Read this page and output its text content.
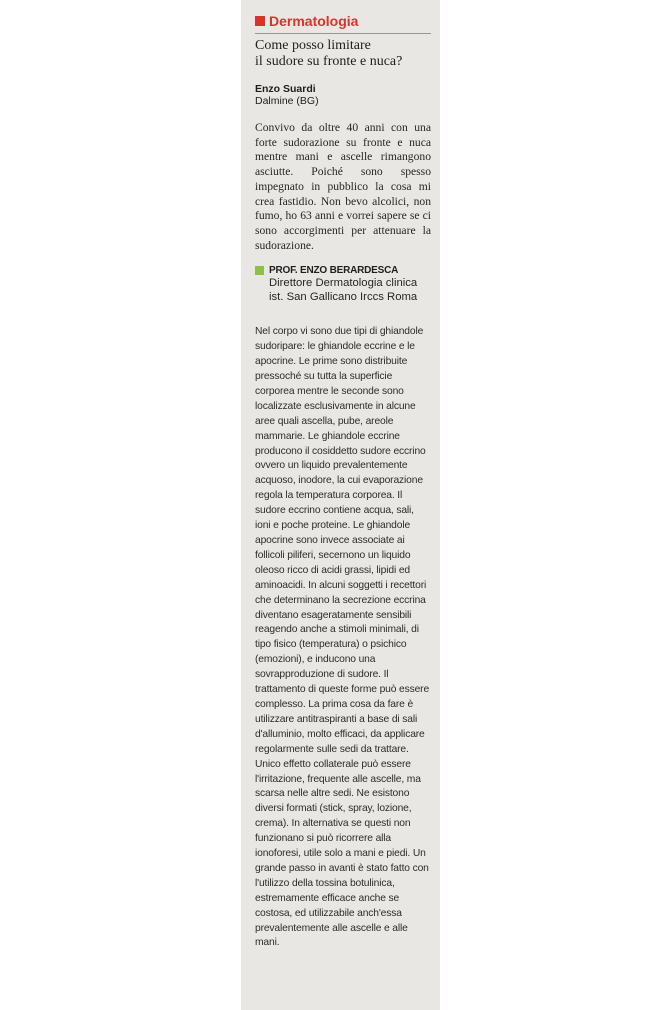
Dermatologia
Come posso limitare
il sudore su fronte e nuca?
Enzo Suardi
Dalmine (BG)

Convivo da oltre 40 anni con una forte sudorazione su fronte e nuca mentre mani e ascelle rimangono asciutte. Poiché sono spesso impegnato in pubblico la cosa mi crea fastidio. Non bevo alcolici, non fumo, ho 63 anni e vorrei sapere se ci sono accorgimenti per attenuare la sudorazione.

PROF. ENZO BERARDESCA
Direttore Dermatologia clinica
ist. San Gallicano Irccs Roma

Nel corpo vi sono due tipi di ghiandole sudoripare: le ghiandole eccrine e le apocrine. Le prime sono distribuite pressoché su tutta la superficie corporea mentre le seconde sono localizzate esclusivamente in alcune aree quali ascella, pube, areole mammarie. Le ghiandole eccrine producono il cosiddetto sudore eccrino ovvero un liquido prevalentemente acquoso, inodore, la cui evaporazione regola la temperatura corporea. Il sudore eccrino contiene acqua, sali, ioni e poche proteine. Le ghiandole apocrine sono invece associate ai follicoli piliferi, secernono un liquido oleoso ricco di acidi grassi, lipidi ed aminoacidi. In alcuni soggetti i recettori che determinano la secrezione eccrina diventano esageratamente sensibili reagendo anche a stimoli minimali, di tipo fisico (temperatura) o psichico (emozioni), e inducono una sovrapproduzione di sudore. Il trattamento di queste forme può essere complesso. La prima cosa da fare è utilizzare antitraspiranti a base di sali d'alluminio, molto efficaci, da applicare regolarmente sulle sedi da trattare. Unico effetto collaterale può essere l'irritazione, frequente alle ascelle, ma scarsa nelle altre sedi. Ne esistono diversi formati (stick, spray, lozione, crema). In alternativa se questi non funzionano si può ricorrere alla ionoforesi, utile solo a mani e piedi. Un grande passo in avanti è stato fatto con l'utilizzo della tossina botulinica, estremamente efficace anche se costosa, ed utilizzabile anch'essa prevalentemente alle ascelle e alle mani.
